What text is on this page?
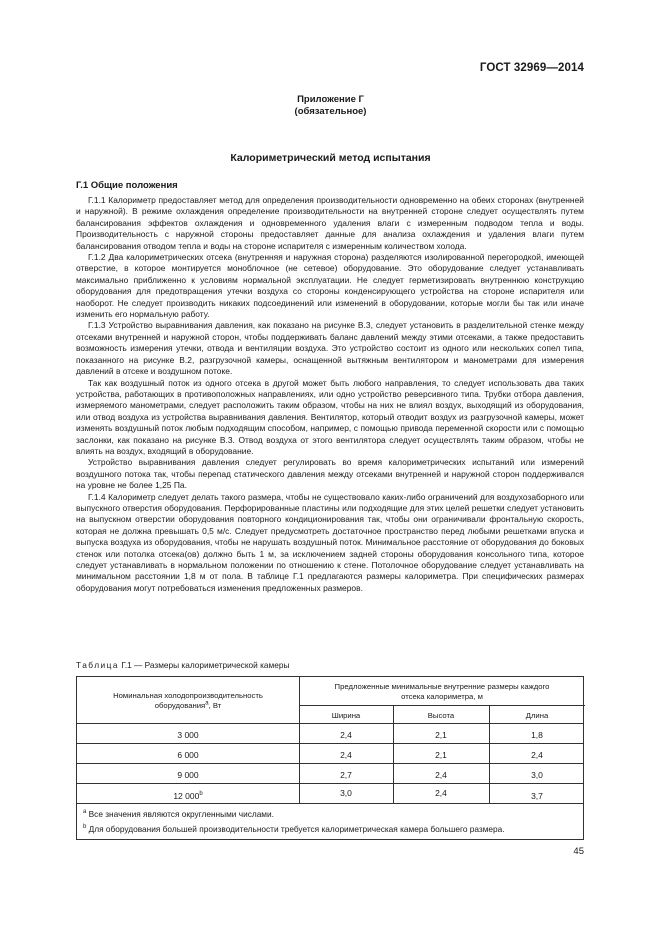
ГОСТ 32969—2014
Приложение Г
(обязательное)
Калориметрический метод испытания
Г.1 Общие положения

Г.1.1 Калориметр предоставляет метод для определения производительности одновременно на обеих сторонах (внутренней и наружной). В режиме охлаждения определение производительности на внутренней стороне следует осуществлять путем балансирования эффектов охлаждения и одновременного удаления влаги с измеренным подводом тепла и воды. Производительность с наружной стороны предоставляет данные для анализа охлаждения и удаления влаги путем балансирования отводом тепла и воды на стороне испарителя с измеренным количеством холода.

Г.1.2 Два калориметрических отсека (внутренняя и наружная сторона) разделяются изолированной перегородкой, имеющей отверстие, в которое монтируется моноблочное (не сетевое) оборудование. Это оборудование следует устанавливать максимально приближенно к условиям нормальной эксплуатации. Не следует герметизировать внутреннюю конструкцию оборудования для предотвращения утечки воздуха со стороны конденсирующего устройства на стороне испарителя или наоборот. Не следует производить никаких подсоединений или изменений в оборудовании, которые могли бы так или иначе изменить его нормальную работу.

Г.1.3 Устройство выравнивания давления, как показано на рисунке В.3, следует установить в разделительной стенке между отсеками внутренней и наружной сторон, чтобы поддерживать баланс давлений между этими отсеками, а также предоставить возможность измерения утечки, отвода и вентиляции воздуха. Это устройство состоит из одного или нескольких сопел типа, показанного на рисунке В.2, разгрузочной камеры, оснащенной вытяжным вентилятором и манометрами для измерения давлений в отсеке и воздушном потоке.

Так как воздушный поток из одного отсека в другой может быть любого направления, то следует использовать два таких устройства, работающих в противоположных направлениях, или одно устройство реверсивного типа. Трубки отбора давления, измеряемого манометрами, следует расположить таким образом, чтобы на них не влиял воздух, выходящий из оборудования, или отвод воздуха из устройства выравнивания давления. Вентилятор, который отводит воздух из разгрузочной камеры, может изменять воздушный поток любым подходящим способом, например, с помощью привода переменной скорости или с помощью заслонки, как показано на рисунке В.3. Отвод воздуха от этого вентилятора следует осуществлять таким образом, чтобы не влиять на воздух, входящий в оборудование.

Устройство выравнивания давления следует регулировать во время калориметрических испытаний или измерений воздушного потока так, чтобы перепад статического давления между отсеками внутренней и наружной сторон поддерживался на уровне не более 1,25 Па.

Г.1.4 Калориметр следует делать такого размера, чтобы не существовало каких-либо ограничений для воздухозаборного или выпускного отверстия оборудования. Перфорированные пластины или подходящие для этих целей решетки следует установить на выпускном отверстии оборудования повторного кондиционирования так, чтобы они ограничивали фронтальную скорость, которая не должна превышать 0,5 м/с. Следует предусмотреть достаточное пространство перед любыми решетками впуска и выпуска воздуха из оборудования, чтобы не нарушать воздушный поток. Минимальное расстояние от оборудования до боковых стенок или потолка отсека(ов) должно быть 1 м, за исключением задней стороны оборудования консольного типа, которое следует устанавливать в нормальном положении по отношению к стене. Потолочное оборудование следует устанавливать на минимальном расстоянии 1,8 м от пола. В таблице Г.1 предлагаются размеры калориметра. При специфических размерах оборудования могут потребоваться изменения предложенных размеров.

Таблица Г.1 — Размеры калориметрической камеры
Номинальная холодопроизводительность
оборудования$^a$, Вт
Предложенные минимальные внутренние размеры каждого
отсека калориметра, м
Ширина	Высота	Длина
3 000	2,4	2,1	1,8
6 000	2,4	2,1	2,4
9 000	2,7	2,4	3,0
12 000$^b$	3,0	2,4	3,7
$^a$ Все значения являются округленными числами.
$^b$ Для оборудования большей производительности требуется калориметрическая камера большего размера.
45
